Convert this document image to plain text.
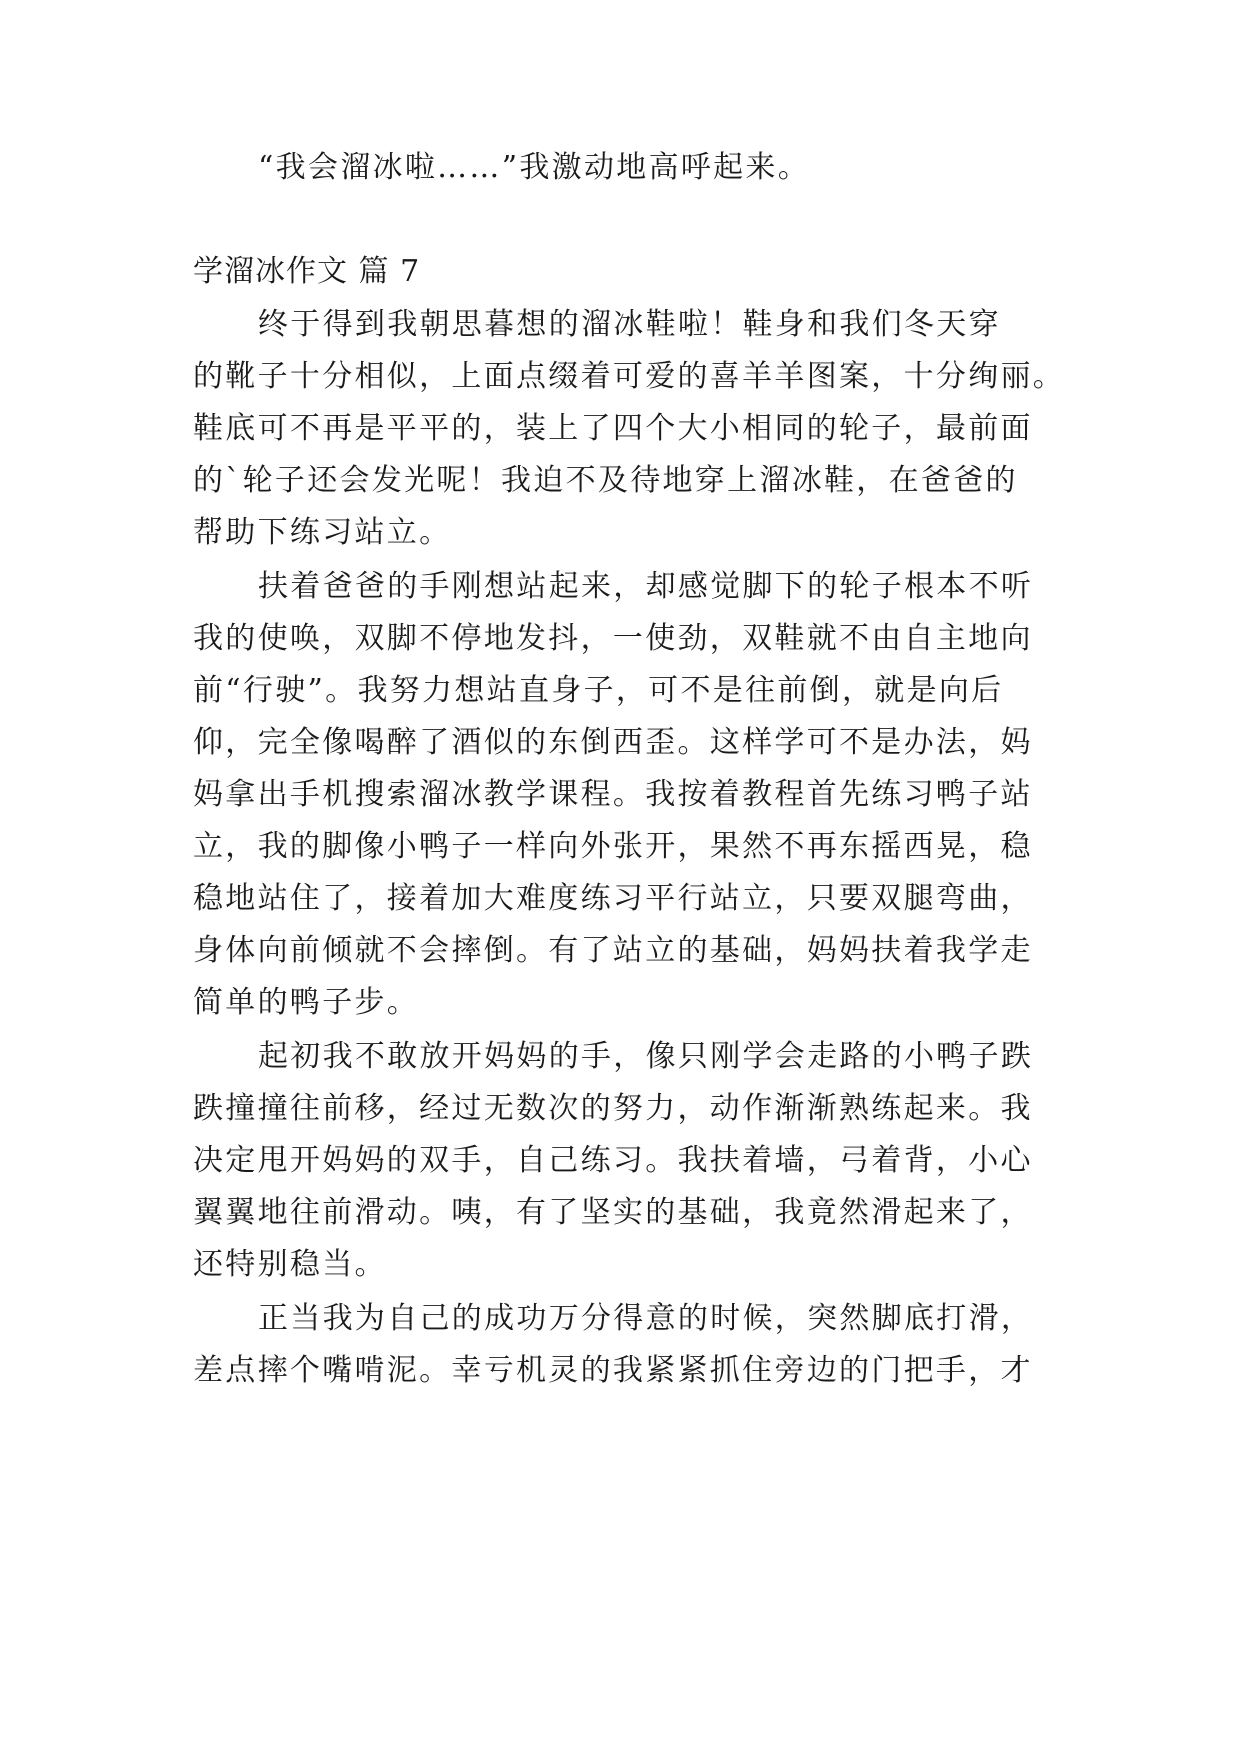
“我会溜冰啦……”我激动地高呼起来。
学溜冰作文 篇 7
终于得到我朝思暮想的溜冰鞋啦！鞋身和我们冬天穿
的靴子十分相似，上面点缀着可爱的喜羊羊图案，十分绚丽。
鞋底可不再是平平的，装上了四个大小相同的轮子，最前面
的`轮子还会发光呢！我迫不及待地穿上溜冰鞋，在爸爸的
帮助下练习站立。
扶着爸爸的手刚想站起来，却感觉脚下的轮子根本不听
我的使唤，双脚不停地发抖，一使劲，双鞋就不由自主地向
前“行驶”。我努力想站直身子，可不是往前倒，就是向后
仰，完全像喝醉了酒似的东倒西歪。这样学可不是办法，妈
妈拿出手机搜索溜冰教学课程。我按着教程首先练习鸭子站
立，我的脚像小鸭子一样向外张开，果然不再东摇西晃，稳
稳地站住了，接着加大难度练习平行站立，只要双腿弯曲，
身体向前倾就不会摔倒。有了站立的基础，妈妈扶着我学走
简单的鸭子步。
起初我不敢放开妈妈的手，像只刚学会走路的小鸭子跌
跌撞撞往前移，经过无数次的努力，动作渐渐熟练起来。我
决定甩开妈妈的双手，自己练习。我扶着墙，弓着背，小心
翼翼地往前滑动。咦，有了坚实的基础，我竟然滑起来了，
还特别稳当。
正当我为自己的成功万分得意的时候，突然脚底打滑，
差点摔个嘴啃泥。幸亏机灵的我紧紧抓住旁边的门把手，才
